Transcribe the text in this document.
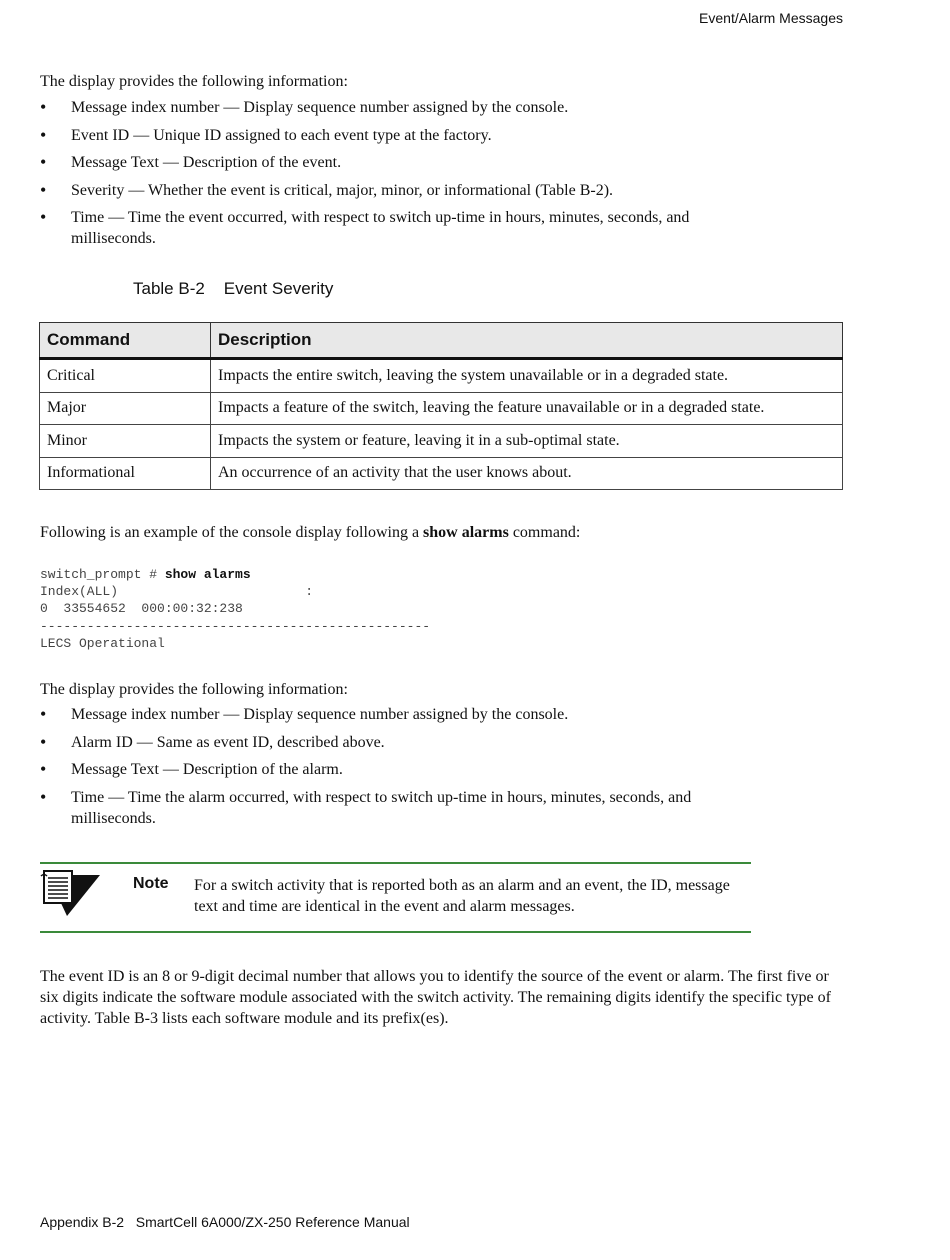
Event/Alarm Messages

The display provides the following information:

• Message index number — Display sequence number assigned by the console.
• Event ID — Unique ID assigned to each event type at the factory.
• Message Text — Description of the event.
• Severity — Whether the event is critical, major, minor, or informational (Table B-2).
• Time — Time the event occurred, with respect to switch up-time in hours, minutes, seconds, and milliseconds.
Table B-2 Event Severity
Command	Description
Critical	Impacts the entire switch, leaving the system unavailable or in a degraded state.
Major	Impacts a feature of the switch, leaving the feature unavailable or in a degraded state.
Minor	Impacts the system or feature, leaving it in a sub-optimal state.
Informational	An occurrence of an activity that the user knows about.

Following is an example of the console display following a show alarms command:

switch_prompt # show alarms
Index(ALL)                        :
0  33554652  000:00:32:238
--------------------------------------------------
LECS Operational

The display provides the following information:

• Message index number — Display sequence number assigned by the console.
• Alarm ID — Same as event ID, described above.
• Message Text — Description of the alarm.
• Time — Time the alarm occurred, with respect to switch up-time in hours, minutes, seconds, and milliseconds.
Note For a switch activity that is reported both as an alarm and an event, the ID, message text and time are identical in the event and alarm messages.

The event ID is an 8 or 9-digit decimal number that allows you to identify the source of the event or alarm. The first five or six digits indicate the software module associated with the switch activity. The remaining digits identify the specific type of activity. Table B-3 lists each software module and its prefix(es).

Appendix B-2 SmartCell 6A000/ZX-250 Reference Manual
